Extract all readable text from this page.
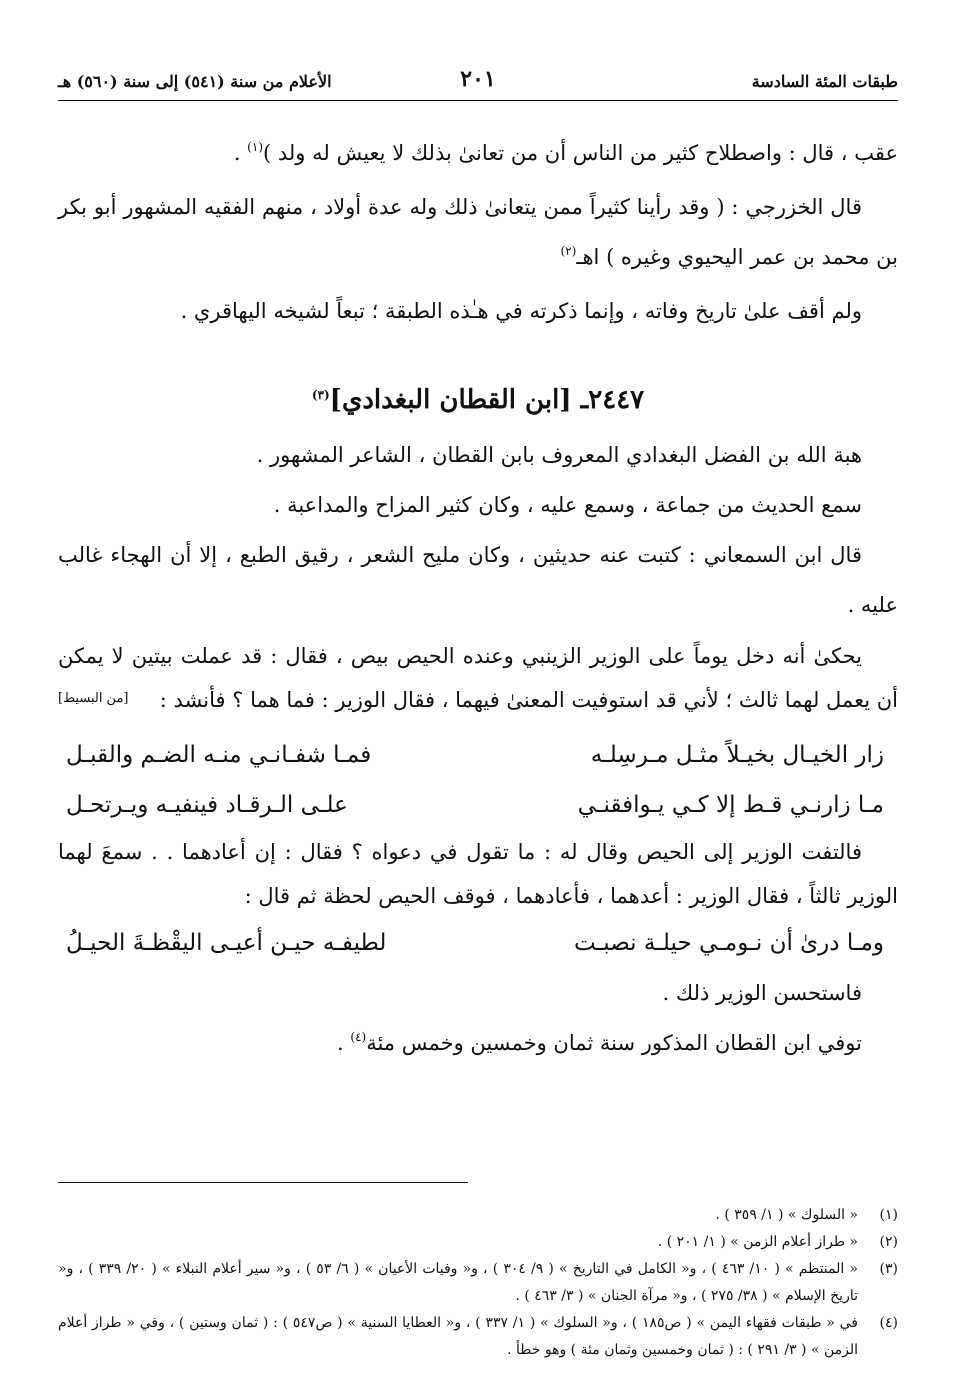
طبقات المئة السادسة
٢٠١
الأعلام من سنة (٥٤١) إلى سنة (٥٦٠) هـ

عقب ، قال : واصطلاح كثير من الناس أن من تعانىٰ بذلك لا يعيش له ولد )$^{(١)}$ .

قال الخزرجي : ( وقد رأينا كثيراً ممن يتعانىٰ ذلك وله عدة أولاد ، منهم الفقيه المشهور أبو بكر بن محمد بن عمر اليحيوي وغيره ) اهـ$^{(٢)}$

ولم أقف علىٰ تاريخ وفاته ، وإنما ذكرته في هـٰذه الطبقة ؛ تبعاً لشيخه اليهاقري .

٢٤٤٧ـ [ابن القطان البغدادي]$^{(٣)}$

هبة الله بن الفضل البغدادي المعروف بابن القطان ، الشاعر المشهور .

سمع الحديث من جماعة ، وسمع عليه ، وكان كثير المزاح والمداعبة .

قال ابن السمعاني : كتبت عنه حديثين ، وكان مليح الشعر ، رقيق الطبع ، إلا أن الهجاء غالب عليه .

يحكىٰ أنه دخل يوماً على الوزير الزينبي وعنده الحيص بيص ، فقال : قد عملت بيتين لا يمكن أن يعمل لهما ثالث ؛ لأني قد استوفيت المعنىٰ فيهما ، فقال الوزير : فما هما ؟ فأنشد :

[من البسيط]
زار الخيـال بخيـلاً مثـل مـرسِلـه
فمـا شفـانـي منـه الضـم والقبـل
مـا زارنـي قـط إلا كـي يـوافقنـي
علـى الـرقـاد فينفيـه ويـرتحـل

فالتفت الوزير إلى الحيص وقال له : ما تقول في دعواه ؟ فقال : إن أعادهما . . سمعَ لهما الوزير ثالثاً ، فقال الوزير : أعدهما ، فأعادهما ، فوقف الحيص لحظة ثم قال :

ومـا درىٰ أن نـومـي حيلـة نصبـت
لطيفـه حيـن أعيـى اليقْظـةَ الحيـلُ

فاستحسن الوزير ذلك .

توفي ابن القطان المذكور سنة ثمان وخمسين وخمس مئة$^{(٤)}$ .

(١)
« السلوك » ( ١/ ٣٥٩ ) .
(٢)
« طراز أعلام الزمن » ( ١/ ٢٠١ ) .
(٣)
« المنتظم » ( ١٠/ ٤٦٣ ) ، و« الكامل في التاريخ » ( ٩/ ٣٠٤ ) ، و« وفيات الأعيان » ( ٦/ ٥٣ ) ، و« سير أعلام النبلاء » ( ٢٠/ ٣٣٩ ) ، و« تاريخ الإسلام » ( ٣٨/ ٢٧٥ ) ، و« مرآة الجنان » ( ٣/ ٤٦٣ ) .
(٤)
في « طبقات فقهاء اليمن » ( ص١٨٥ ) ، و« السلوك » ( ١/ ٣٣٧ ) ، و« العطايا السنية » ( ص٥٤٧ ) : ( ثمان وستين ) ، وفي « طراز أعلام الزمن » ( ٣/ ٢٩١ ) : ( ثمان وخمسين وثمان مئة ) وهو خطأ .
